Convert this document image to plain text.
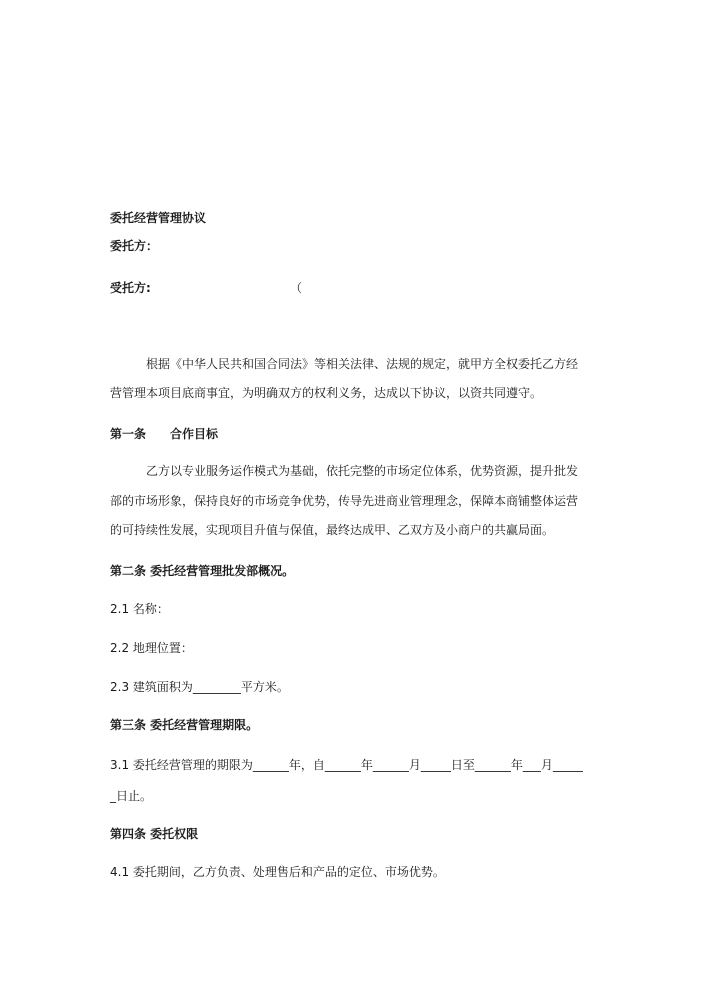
委托经营管理协议
委托方：
受托方:	（
根据《中华人民共和国合同法》等相关法律、法规的规定，就甲方全权委托乙方经
营管理本项目底商事宜，为明确双方的权利义务，达成以下协议，以资共同遵守。
第一条 合作目标
乙方以专业服务运作模式为基础，依托完整的市场定位体系，优势资源，提升批发
部的市场形象，保持良好的市场竞争优势，传导先进商业管理理念，保障本商铺整体运营
的可持续性发展，实现项目升值与保值，最终达成甲、乙双方及小商户的共赢局面。
第二条 委托经营管理批发部概况。
2.1 名称：
2.2 地理位置：
2.3 建筑面积为________平方米。
第三条 委托经营管理期限。
3.1 委托经营管理的期限为______年，自______年______月_____日至______年___月_____
_日止。
第四条 委托权限
4.1 委托期间，乙方负责、处理售后和产品的定位、市场优势。
